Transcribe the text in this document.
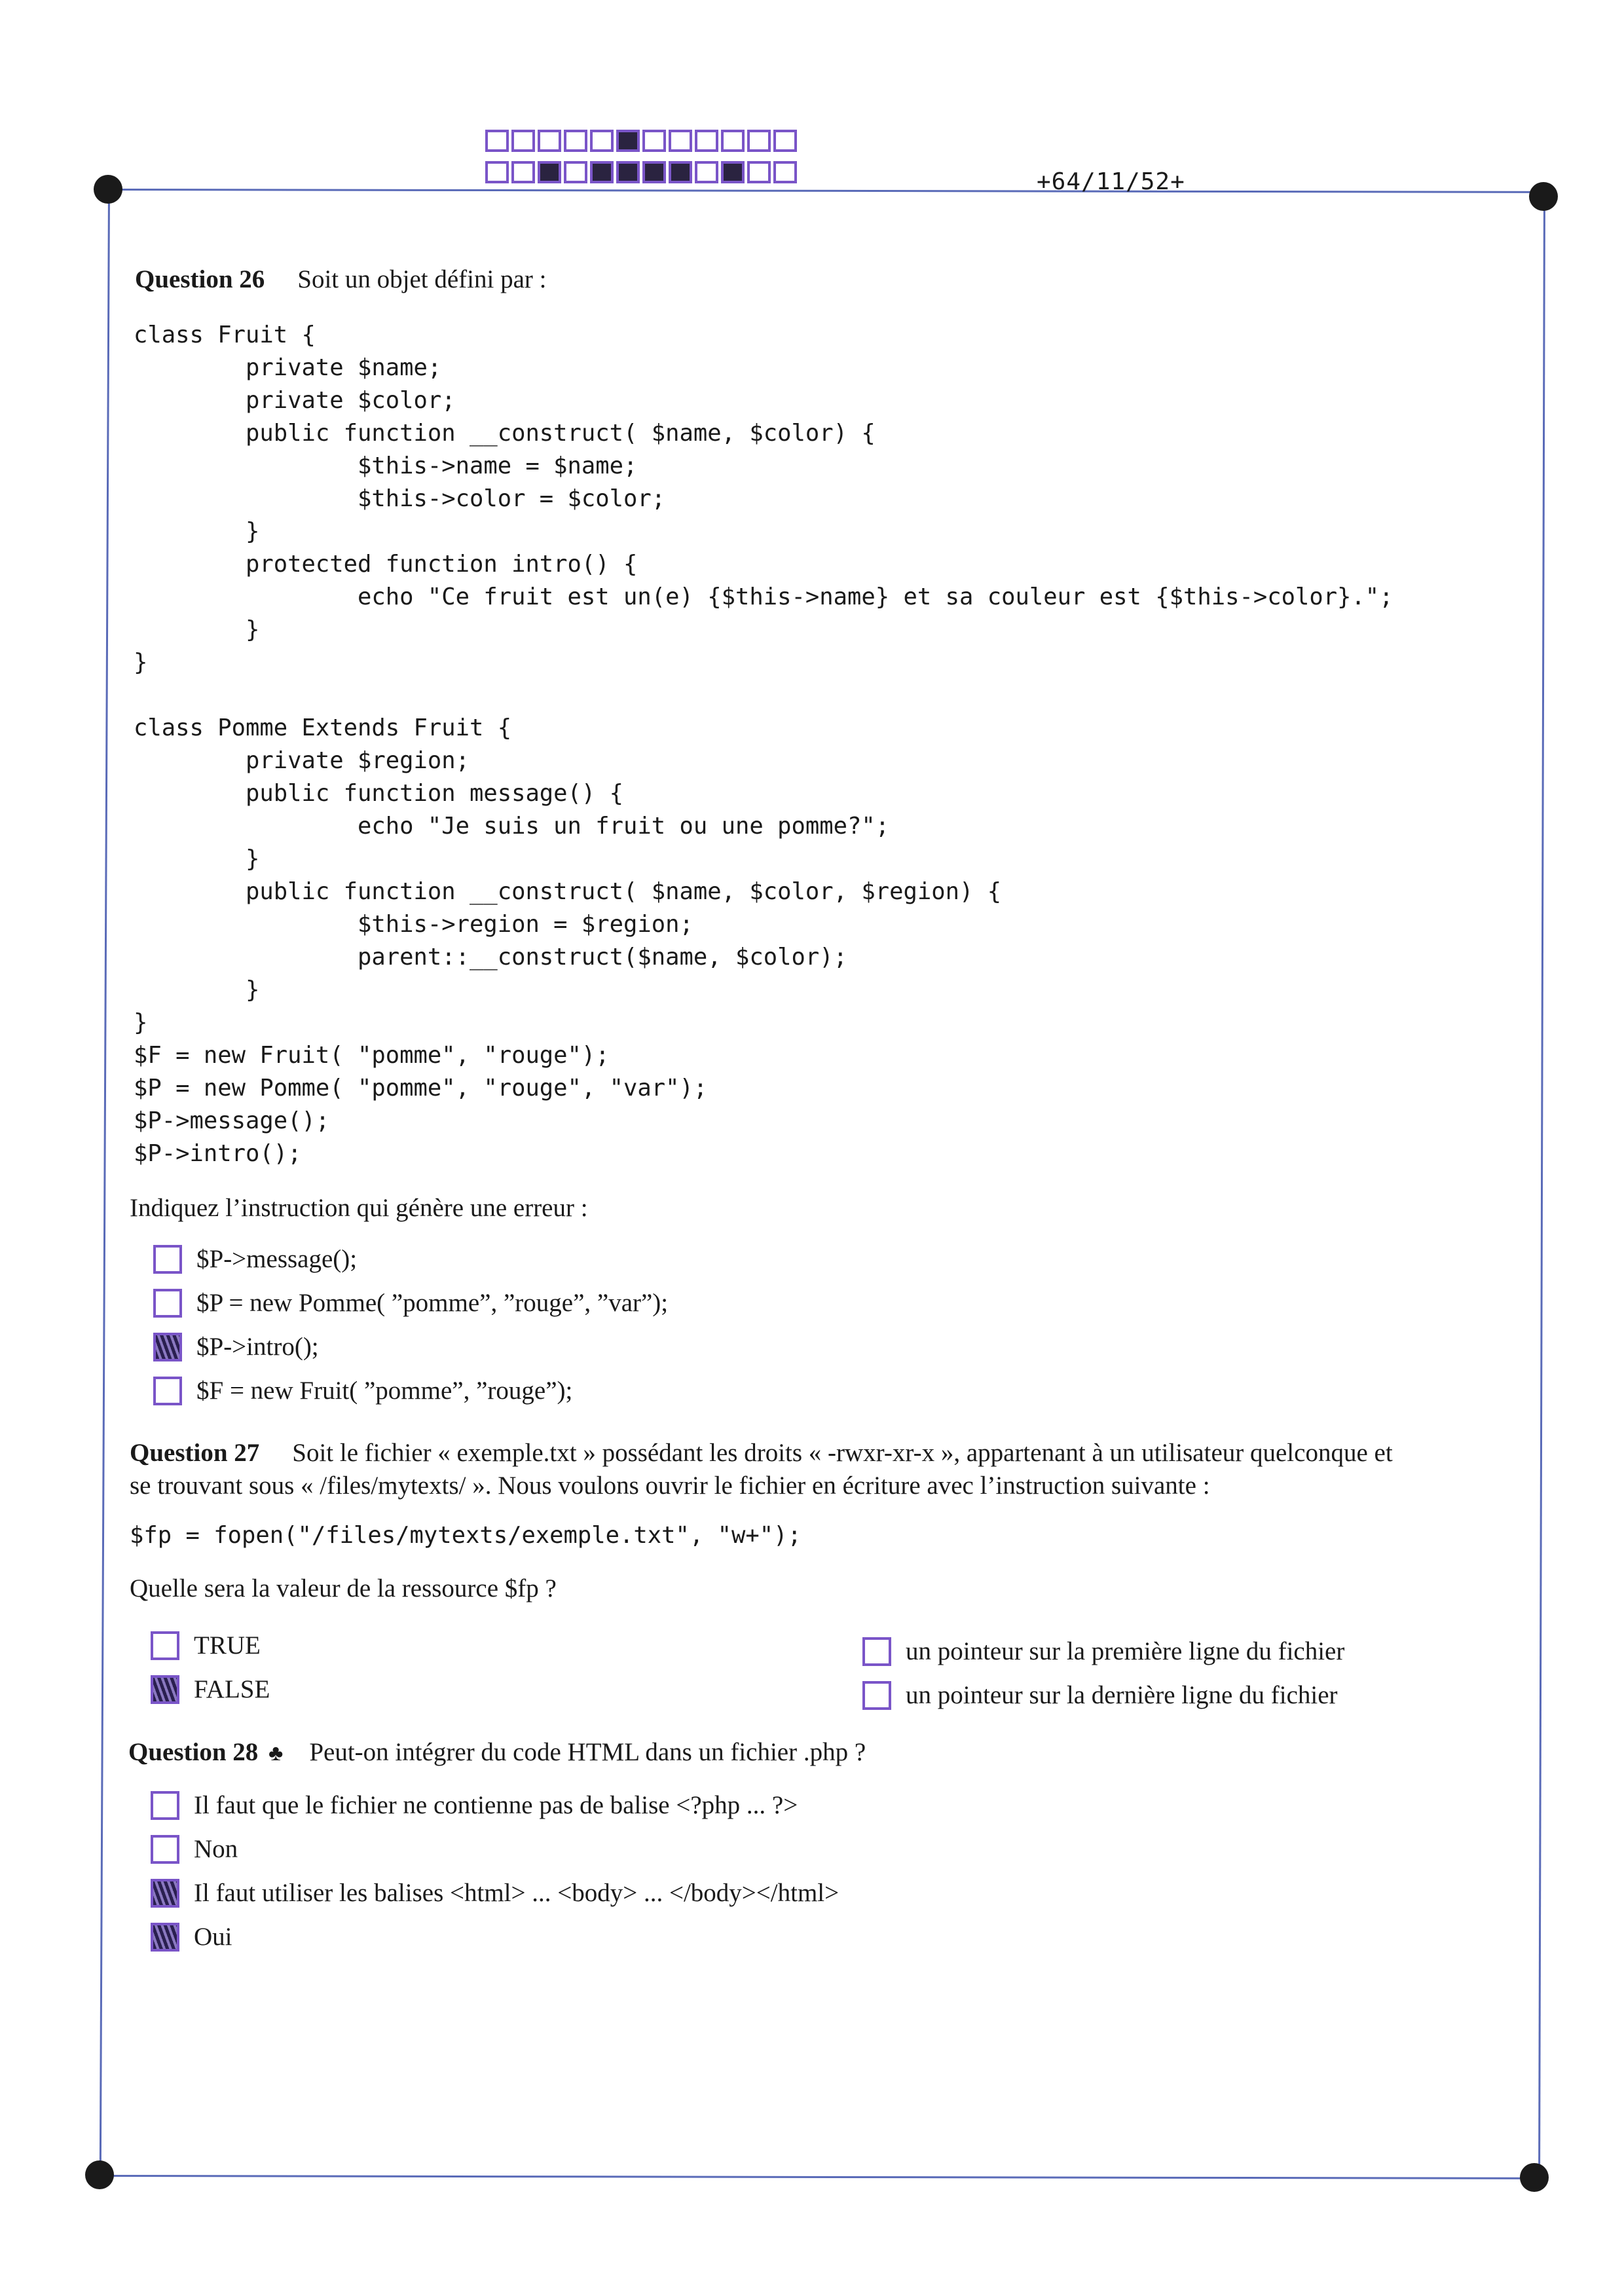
+64/11/52+
Question 26 Soit un objet défini par :
class Fruit {
private $name;
private $color;
public function __construct( $name, $color) {
$this->name = $name;
$this->color = $color;
}
protected function intro() {
echo "Ce fruit est un(e) {$this->name} et sa couleur est {$this->color}.";
}
}

class Pomme Extends Fruit {
private $region;
public function message() {
echo "Je suis un fruit ou une pomme?";
}
public function __construct( $name, $color, $region) {
$this->region = $region;
parent::__construct($name, $color);
}
}
$F = new Fruit( "pomme", "rouge");
$P = new Pomme( "pomme", "rouge", "var");
$P->message();
$P->intro();
Indiquez l’instruction qui génère une erreur :
$P->message();
$P = new Pomme( ”pomme”, ”rouge”, ”var”);
$P->intro();
$F = new Fruit( ”pomme”, ”rouge”);
Question 27 Soit le fichier « exemple.txt » possédant les droits « -rwxr-xr-x », appartenant à un utilisateur quelconque et
se trouvant sous « /files/mytexts/ ». Nous voulons ouvrir le fichier en écriture avec l’instruction suivante :
$fp = fopen("/files/mytexts/exemple.txt", "w+");
Quelle sera la valeur de la ressource $fp ?
TRUE
FALSE
un pointeur sur la première ligne du fichier
un pointeur sur la dernière ligne du fichier
Question 28 ♣ Peut-on intégrer du code HTML dans un fichier .php ?
Il faut que le fichier ne contienne pas de balise <?php ... ?>
Non
Il faut utiliser les balises <html> ... <body> ... </body></html>
Oui
